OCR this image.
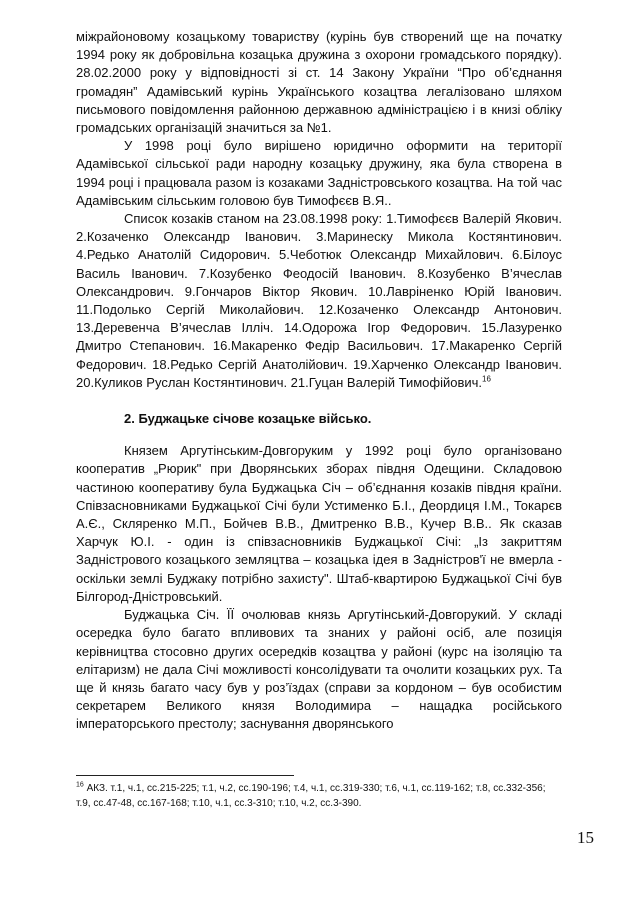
міжрайоновому козацькому товариству (курінь був створений ще на початку 1994 року як добровільна козацька дружина з охорони громадського порядку). 28.02.2000 року у відповідності зі ст. 14 Закону України “Про об’єднання громадян” Адамівський курінь Українського козацтва легалізовано шляхом письмового повідомлення районною державною адміністрацією і в книзі обліку громадських організацій значиться за №1.

У 1998 році було вирішено юридично оформити на території Адамівської сільської ради народну козацьку дружину, яка була створена в 1994 році і працювала разом із козаками Задністровського козацтва. На той час Адамівським сільським головою був Тимофєєв В.Я..

Список козаків станом на 23.08.1998 року: 1.Тимофєєв Валерій Якович. 2.Козаченко Олександр Іванович. 3.Маринеску Микола Костянтинович. 4.Редько Анатолій Сидорович. 5.Чеботюк Олександр Михайлович. 6.Білоус Василь Іванович. 7.Козубенко Феодосій Іванович. 8.Козубенко В’ячеслав Олександрович. 9.Гончаров Віктор Якович. 10.Лавріненко Юрій Іванович. 11.Подолько Сергій Миколайович. 12.Козаченко Олександр Антонович. 13.Деревенча В’ячеслав Ілліч. 14.Одорожа Ігор Федорович. 15.Лазуренко Дмитро Степанович. 16.Макаренко Федір Васильович. 17.Макаренко Сергій Федорович. 18.Редько Сергій Анатолійович. 19.Харченко Олександр Іванович. 20.Куликов Руслан Костянтинович. 21.Гуцан Валерій Тимофійович.$^{16}$

2. Буджацьке січове козацьке військо.

Князем Аргутінським-Довгоруким у 1992 році було організовано кооператив „Рюрик" при Дворянських зборах півдня Одещини. Складовою частиною кооперативу була Буджацька Січ – об’єднання козаків півдня країни. Співзасновниками Буджацької Січі були Устименко Б.І., Деордиця І.М., Токарєв А.Є., Скляренко М.П., Бойчев В.В., Дмитренко В.В., Кучер В.В.. Як сказав Харчук Ю.І. - один із співзасновників Буджацької Січі: „Із закриттям Задністрового козацького земляцтва – козацька ідея в Задністров'ї не вмерла - оскільки землі Буджаку потрібно захисту". Штаб-квартирою Буджацької Січі був Білгород-Дністровський.

Буджацька Січ. ЇЇ очолював князь Аргутінський-Довгорукий. У складі осередка було багато впливових та знаних у районі осіб, але позиція керівництва стосовно других осередків козацтва у районі (курс на ізоляцію та елітаризм) не дала Січі можливості консолідувати та очолити козацьких рух. Та ще й князь багато часу був у роз’їздах (справи за кордоном – був особистим секретарем Великого князя Володимира – нащадка російського імператорського престолу; заснування дворянського

$^{16}$ АКЗ. т.1, ч.1, сс.215-225; т.1, ч.2, сс.190-196; т.4, ч.1, сс.319-330; т.6, ч.1, сс.119-162; т.8, сс.332-356; т.9, сс.47-48, сс.167-168; т.10, ч.1, сс.3-310; т.10, ч.2, сс.3-390.
15
